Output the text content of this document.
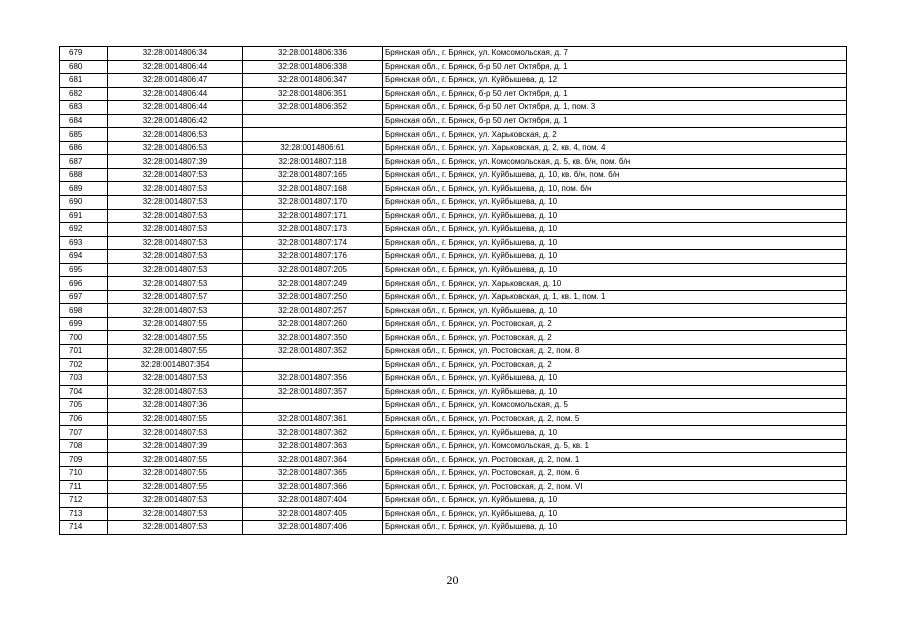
679	32:28:0014806:34	32:28:0014806:336	Брянская обл., г. Брянск, ул. Комсомольская, д. 7
680	32:28:0014806:44	32:28:0014806:338	Брянская обл., г. Брянск, б-р 50 лет Октября, д. 1
681	32:28:0014806:47	32:28:0014806:347	Брянская обл., г. Брянск, ул. Куйбышева, д. 12
682	32:28:0014806:44	32:28:0014806:351	Брянская обл., г. Брянск, б-р 50 лет Октября, д. 1
683	32:28:0014806:44	32:28:0014806:352	Брянская обл., г. Брянск, б-р 50 лет Октября, д. 1, пом. 3
684	32:28:0014806:42		Брянская обл., г. Брянск, б-р 50 лет Октября, д. 1
685	32:28:0014806:53		Брянская обл., г. Брянск, ул. Харьковская, д. 2
686	32:28:0014806:53	32:28:0014806:61	Брянская обл., г. Брянск, ул. Харьковская, д. 2, кв. 4, пом. 4
687	32:28:0014807:39	32:28:0014807:118	Брянская обл., г. Брянск, ул. Комсомольская, д. 5, кв. б/н, пом. б/н
688	32:28:0014807:53	32:28:0014807:165	Брянская обл., г. Брянск, ул. Куйбышева, д. 10, кв. б/н, пом. б/н
689	32:28:0014807:53	32:28:0014807:168	Брянская обл., г. Брянск, ул. Куйбышева, д. 10, пом. б/н
690	32:28:0014807:53	32:28:0014807:170	Брянская обл., г. Брянск, ул. Куйбышева, д. 10
691	32:28:0014807:53	32:28:0014807:171	Брянская обл., г. Брянск, ул. Куйбышева, д. 10
692	32:28:0014807:53	32:28:0014807:173	Брянская обл., г. Брянск, ул. Куйбышева, д. 10
693	32:28:0014807:53	32:28:0014807:174	Брянская обл., г. Брянск, ул. Куйбышева, д. 10
694	32:28:0014807:53	32:28:0014807:176	Брянская обл., г. Брянск, ул. Куйбышева, д. 10
695	32:28:0014807:53	32:28:0014807:205	Брянская обл., г. Брянск, ул. Куйбышева, д. 10
696	32:28:0014807:53	32:28:0014807:249	Брянская обл., г. Брянск, ул. Харьковская, д. 10
697	32:28:0014807:57	32:28:0014807:250	Брянская обл., г. Брянск, ул. Харьковская, д. 1, кв. 1, пом. 1
698	32:28:0014807:53	32:28:0014807:257	Брянская обл., г. Брянск, ул. Куйбышева, д. 10
699	32:28:0014807:55	32:28:0014807:260	Брянская обл., г. Брянск, ул. Ростовская, д. 2
700	32:28:0014807:55	32:28:0014807:350	Брянская обл., г. Брянск, ул. Ростовская, д. 2
701	32:28:0014807:55	32:28:0014807:352	Брянская обл., г. Брянск, ул. Ростовская, д. 2, пом. 8
702	32:28:0014807:354		Брянская обл., г. Брянск, ул. Ростовская, д. 2
703	32:28:0014807:53	32:28:0014807:356	Брянская обл., г. Брянск, ул. Куйбышева, д. 10
704	32:28:0014807:53	32:28:0014807:357	Брянская обл., г. Брянск, ул. Куйбышева, д. 10
705	32:28:0014807:36		Брянская обл., г. Брянск, ул. Комсомольская, д. 5
706	32:28:0014807:55	32:28:0014807:361	Брянская обл., г. Брянск, ул. Ростовская, д. 2, пом. 5
707	32:28:0014807:53	32:28:0014807:362	Брянская обл., г. Брянск, ул. Куйбышева, д. 10
708	32:28:0014807:39	32:28:0014807:363	Брянская обл., г. Брянск, ул. Комсомольская, д. 5, кв. 1
709	32:28:0014807:55	32:28:0014807:364	Брянская обл., г. Брянск, ул. Ростовская, д. 2, пом. 1
710	32:28:0014807:55	32:28:0014807:365	Брянская обл., г. Брянск, ул. Ростовская, д. 2, пом. 6
711	32:28:0014807:55	32:28:0014807:366	Брянская обл., г. Брянск, ул. Ростовская, д. 2, пом. VI
712	32:28:0014807:53	32:28:0014807:404	Брянская обл., г. Брянск, ул. Куйбышева, д. 10
713	32:28:0014807:53	32:28:0014807:405	Брянская обл., г. Брянск, ул. Куйбышева, д. 10
714	32:28:0014807:53	32:28:0014807:406	Брянская обл., г. Брянск, ул. Куйбышева, д. 10
20
